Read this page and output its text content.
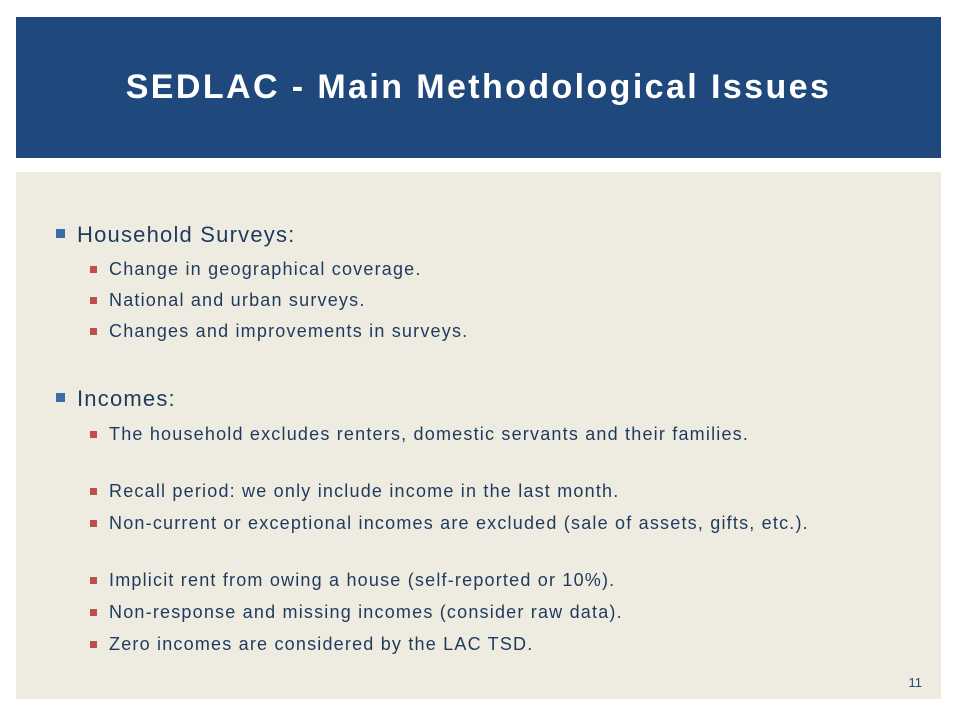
SEDLAC - Main Methodological Issues
Household Surveys:
Change in geographical coverage.
National and urban surveys.
Changes and improvements in surveys.
Incomes:
The household excludes renters, domestic servants and their families.
Recall period: we only include income in the last month.
Non-current or exceptional incomes are excluded (sale of assets, gifts, etc.).
Implicit rent from owing a house (self-reported or 10%).
Non-response and missing incomes (consider raw data).
Zero incomes are considered by the LAC TSD.
11
